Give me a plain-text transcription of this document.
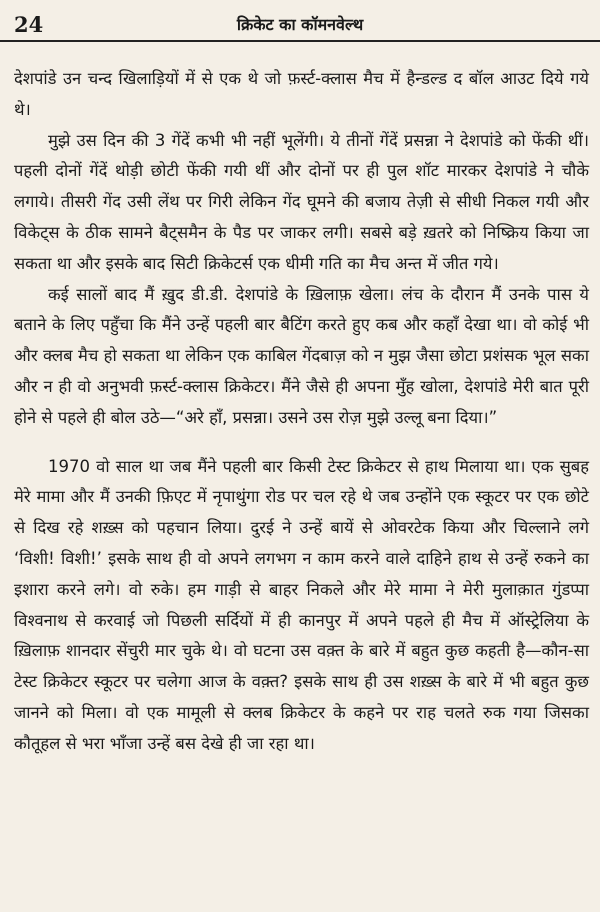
24	क्रिकेट का कॉमनवेल्थ

देशपांडे उन चन्द खिलाड़ियों में से एक थे जो फ़र्स्ट-क्लास मैच में हैन्डल्ड द बॉल आउट दिये गये थे।

मुझे उस दिन की 3 गेंदें कभी भी नहीं भूलेंगी। ये तीनों गेंदें प्रसन्ना ने देशपांडे को फेंकी थीं। पहली दोनों गेंदें थोड़ी छोटी फेंकी गयी थीं और दोनों पर ही पुल शॉट मारकर देशपांडे ने चौके लगाये। तीसरी गेंद उसी लेंथ पर गिरी लेकिन गेंद घूमने की बजाय तेज़ी से सीधी निकल गयी और विकेट्स के ठीक सामने बैट्समैन के पैड पर जाकर लगी। सबसे बड़े ख़तरे को निष्क्रिय किया जा सकता था और इसके बाद सिटी क्रिकेटर्स एक धीमी गति का मैच अन्त में जीत गये।

कई सालों बाद मैं ख़ुद डी.डी. देशपांडे के ख़िलाफ़ खेला। लंच के दौरान मैं उनके पास ये बताने के लिए पहुँचा कि मैंने उन्हें पहली बार बैटिंग करते हुए कब और कहाँ देखा था। वो कोई भी और क्लब मैच हो सकता था लेकिन एक काबिल गेंदबाज़ को न मुझ जैसा छोटा प्रशंसक भूल सका और न ही वो अनुभवी फ़र्स्ट-क्लास क्रिकेटर। मैंने जैसे ही अपना मुँह खोला, देशपांडे मेरी बात पूरी होने से पहले ही बोल उठे—“अरे हाँ, प्रसन्ना। उसने उस रोज़ मुझे उल्लू बना दिया।”

1970 वो साल था जब मैंने पहली बार किसी टेस्ट क्रिकेटर से हाथ मिलाया था। एक सुबह मेरे मामा और मैं उनकी फ़िएट में नृपाथुंगा रोड पर चल रहे थे जब उन्होंने एक स्कूटर पर एक छोटे से दिख रहे शख़्स को पहचान लिया। दुरई ने उन्हें बायें से ओवरटेक किया और चिल्लाने लगे ‘विशी! विशी!’ इसके साथ ही वो अपने लगभग न काम करने वाले दाहिने हाथ से उन्हें रुकने का इशारा करने लगे। वो रुके। हम गाड़ी से बाहर निकले और मेरे मामा ने मेरी मुलाक़ात गुंडप्पा विश्वनाथ से करवाई जो पिछली सर्दियों में ही कानपुर में अपने पहले ही मैच में ऑस्ट्रेलिया के ख़िलाफ़ शानदार सेंचुरी मार चुके थे। वो घटना उस वक़्त के बारे में बहुत कुछ कहती है—कौन-सा टेस्ट क्रिकेटर स्कूटर पर चलेगा आज के वक़्त? इसके साथ ही उस शख़्स के बारे में भी बहुत कुछ जानने को मिला। वो एक मामूली से क्लब क्रिकेटर के कहने पर राह चलते रुक गया जिसका कौतूहल से भरा भाँजा उन्हें बस देखे ही जा रहा था।
